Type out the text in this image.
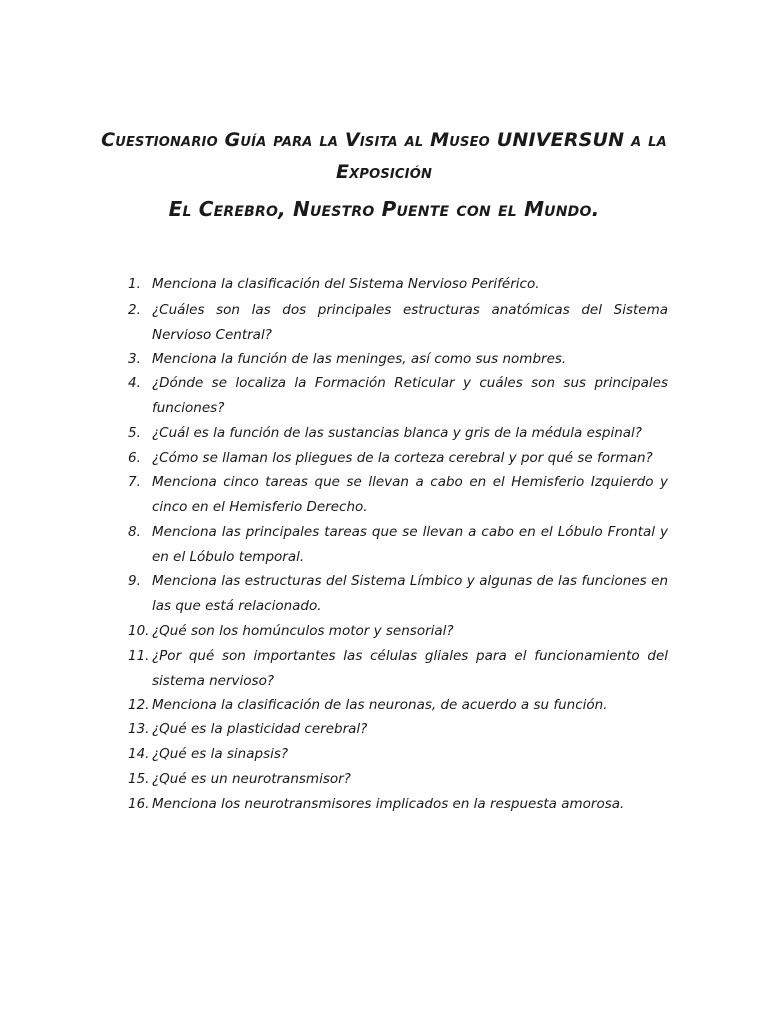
Cuestionario Guía para la Visita al Museo UNIVERSUN a la
Exposición
El Cerebro, Nuestro Puente con el Mundo.
1. Menciona la clasificación del Sistema Nervioso Periférico.
2. ¿Cuáles son las dos principales estructuras anatómicas del Sistema Nervioso Central?
3. Menciona la función de las meninges, así como sus nombres.
4. ¿Dónde se localiza la Formación Reticular y cuáles son sus principales funciones?
5. ¿Cuál es la función de las sustancias blanca y gris de la médula espinal?
6. ¿Cómo se llaman los pliegues de la corteza cerebral y por qué se forman?
7. Menciona cinco tareas que se llevan a cabo en el Hemisferio Izquierdo y cinco en el Hemisferio Derecho.
8. Menciona las principales tareas que se llevan a cabo en el Lóbulo Frontal y en el Lóbulo temporal.
9. Menciona las estructuras del Sistema Límbico y algunas de las funciones en las que está relacionado.
10. ¿Qué son los homúnculos motor y sensorial?
11. ¿Por qué son importantes las células gliales para el funcionamiento del sistema nervioso?
12. Menciona la clasificación de las neuronas, de acuerdo a su función.
13. ¿Qué es la plasticidad cerebral?
14. ¿Qué es la sinapsis?
15. ¿Qué es un neurotransmisor?
16. Menciona los neurotransmisores implicados en la respuesta amorosa.
